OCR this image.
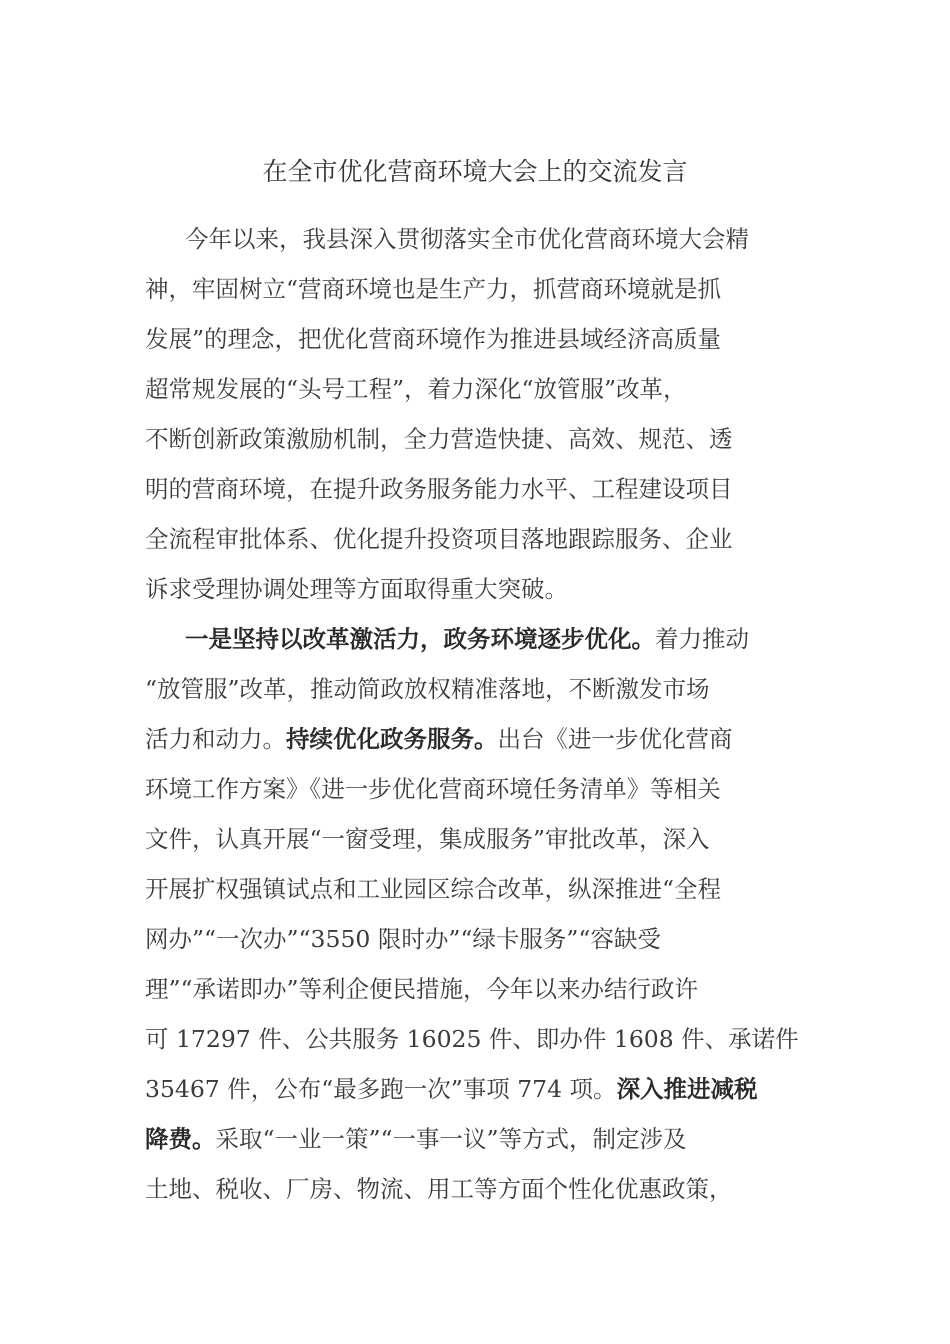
在全市优化营商环境大会上的交流发言

今年以来，我县深入贯彻落实全市优化营商环境大会精
神，牢固树立“营商环境也是生产力，抓营商环境就是抓
发展”的理念，把优化营商环境作为推进县域经济高质量
超常规发展的“头号工程”，着力深化“放管服”改革，
不断创新政策激励机制，全力营造快捷、高效、规范、透
明的营商环境，在提升政务服务能力水平、工程建设项目
全流程审批体系、优化提升投资项目落地跟踪服务、企业
诉求受理协调处理等方面取得重大突破。

一是坚持以改革激活力，政务环境逐步优化。着力推动
“放管服”改革，推动简政放权精准落地，不断激发市场
活力和动力。持续优化政务服务。出台《进一步优化营商
环境工作方案》《进一步优化营商环境任务清单》等相关
文件，认真开展“一窗受理，集成服务”审批改革，深入
开展扩权强镇试点和工业园区综合改革，纵深推进“全程
网办”“一次办”“3550 限时办”“绿卡服务”“容缺受
理”“承诺即办”等利企便民措施，今年以来办结行政许
可 17297 件、公共服务 16025 件、即办件 1608 件、承诺件
35467 件，公布“最多跑一次”事项 774 项。深入推进减税
降费。采取“一业一策”“一事一议”等方式，制定涉及
土地、税收、厂房、物流、用工等方面个性化优惠政策，
